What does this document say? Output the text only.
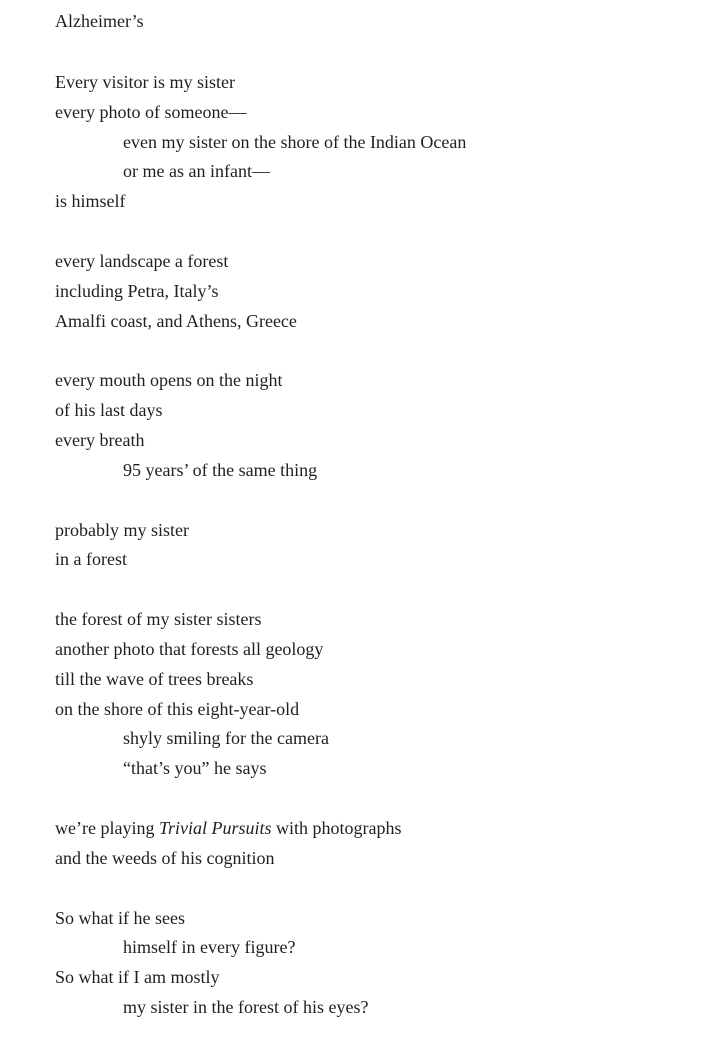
Alzheimer’s
Every visitor is my sister
every photo of someone—
even my sister on the shore of the Indian Ocean
or me as an infant—
is himself
every landscape a forest
including Petra, Italy’s
Amalfi coast, and Athens, Greece
every mouth opens on the night
of his last days
every breath
95 years’ of the same thing
probably my sister
in a forest
the forest of my sister sisters
another photo that forests all geology
till the wave of trees breaks
on the shore of this eight-year-old
shyly smiling for the camera
“that’s you” he says
we’re playing Trivial Pursuits with photographs
and the weeds of his cognition
So what if he sees
himself in every figure?
So what if I am mostly
my sister in the forest of his eyes?
